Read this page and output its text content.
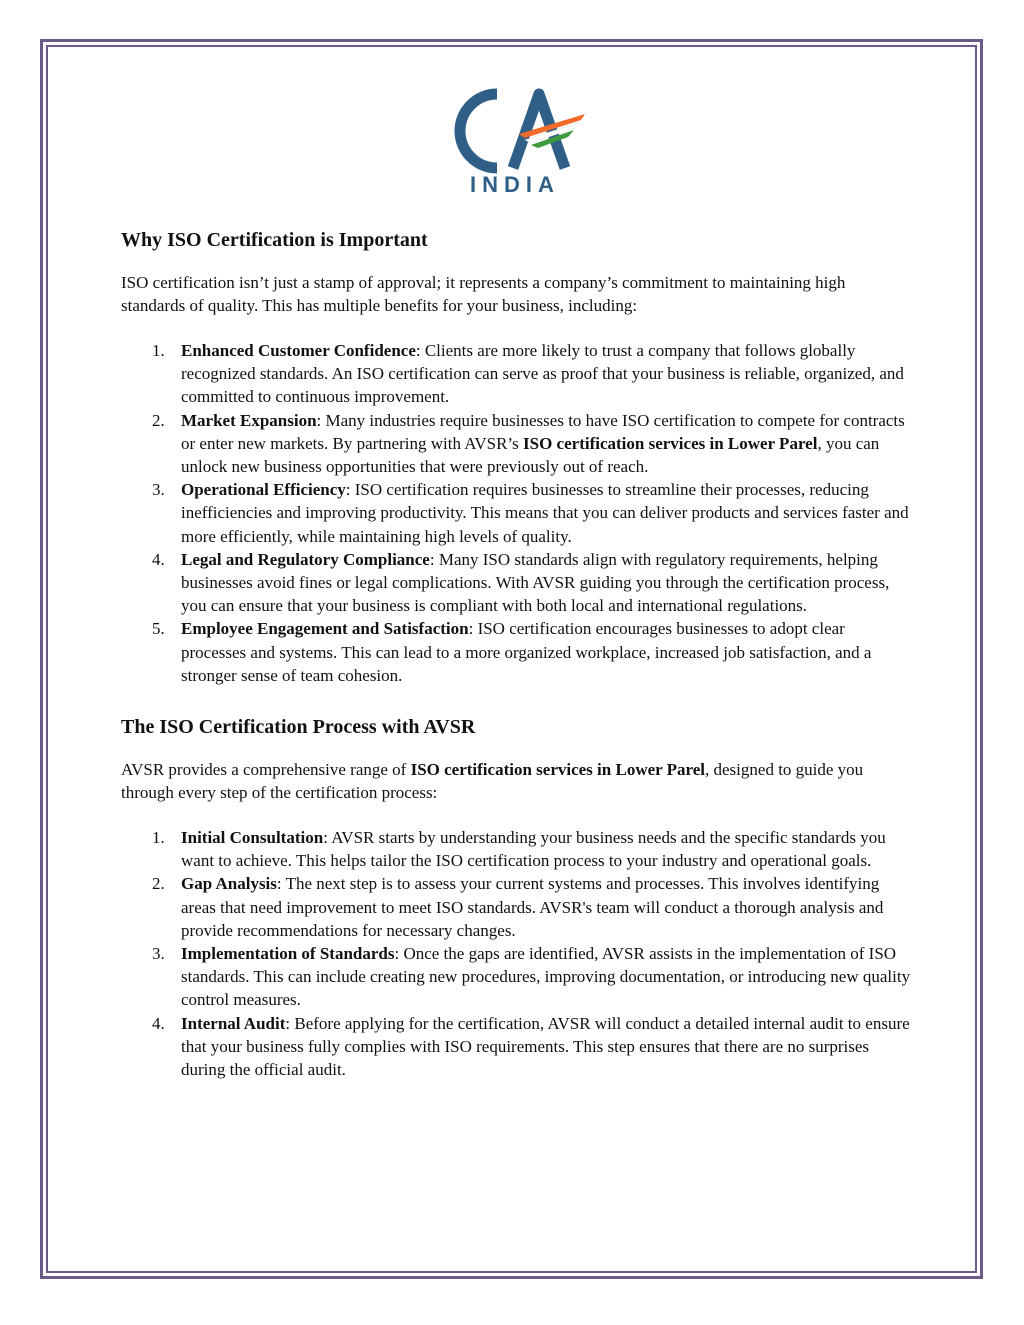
INDIA
Why ISO Certification is Important

ISO certification isn’t just a stamp of approval; it represents a company’s commitment to maintaining high standards of quality. This has multiple benefits for your business, including:

1. Enhanced Customer Confidence: Clients are more likely to trust a company that follows globally recognized standards. An ISO certification can serve as proof that your business is reliable, organized, and committed to continuous improvement.
2. Market Expansion: Many industries require businesses to have ISO certification to compete for contracts or enter new markets. By partnering with AVSR’s ISO certification services in Lower Parel, you can unlock new business opportunities that were previously out of reach.
3. Operational Efficiency: ISO certification requires businesses to streamline their processes, reducing inefficiencies and improving productivity. This means that you can deliver products and services faster and more efficiently, while maintaining high levels of quality.
4. Legal and Regulatory Compliance: Many ISO standards align with regulatory requirements, helping businesses avoid fines or legal complications. With AVSR guiding you through the certification process, you can ensure that your business is compliant with both local and international regulations.
5. Employee Engagement and Satisfaction: ISO certification encourages businesses to adopt clear processes and systems. This can lead to a more organized workplace, increased job satisfaction, and a stronger sense of team cohesion.
The ISO Certification Process with AVSR

AVSR provides a comprehensive range of ISO certification services in Lower Parel, designed to guide you through every step of the certification process:

1. Initial Consultation: AVSR starts by understanding your business needs and the specific standards you want to achieve. This helps tailor the ISO certification process to your industry and operational goals.
2. Gap Analysis: The next step is to assess your current systems and processes. This involves identifying areas that need improvement to meet ISO standards. AVSR's team will conduct a thorough analysis and provide recommendations for necessary changes.
3. Implementation of Standards: Once the gaps are identified, AVSR assists in the implementation of ISO standards. This can include creating new procedures, improving documentation, or introducing new quality control measures.
4. Internal Audit: Before applying for the certification, AVSR will conduct a detailed internal audit to ensure that your business fully complies with ISO requirements. This step ensures that there are no surprises during the official audit.
